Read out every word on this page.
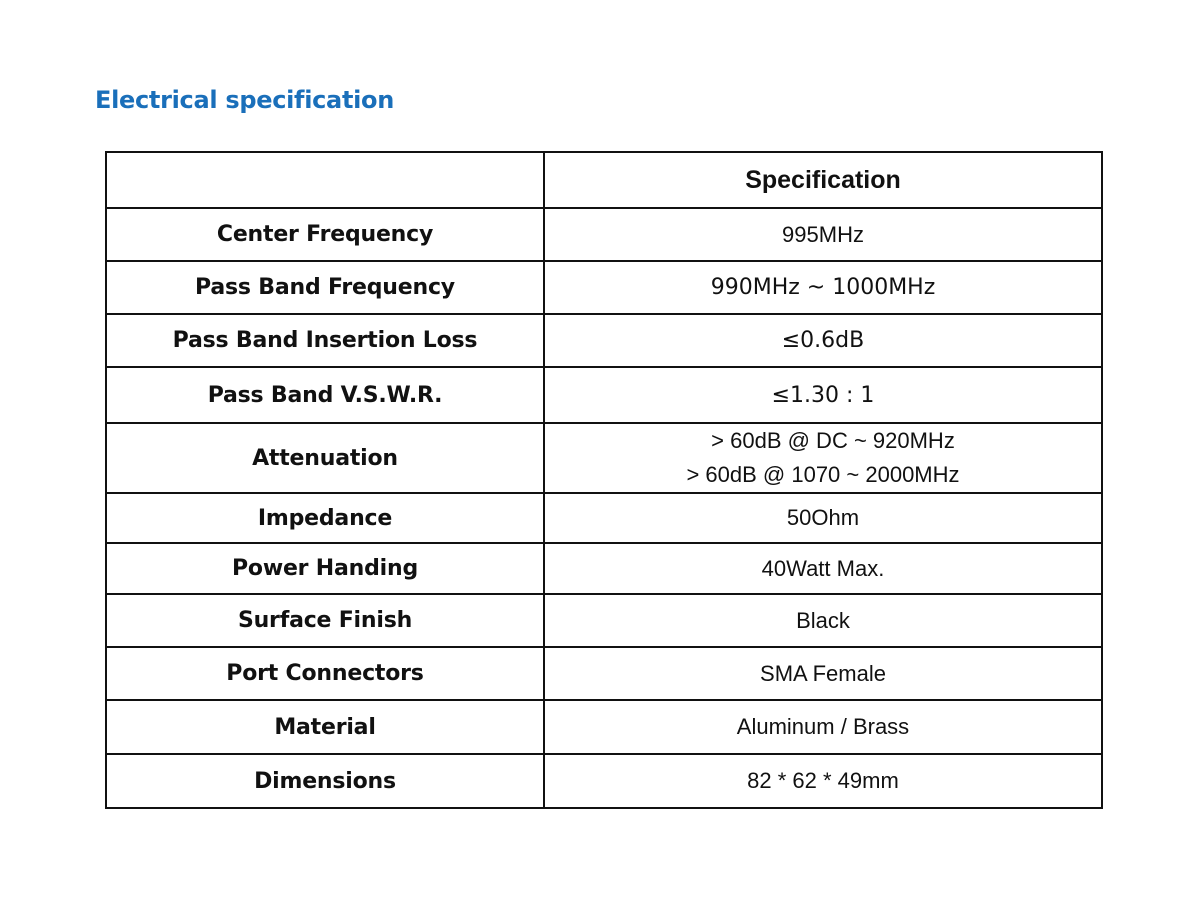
Electrical specification
	Specification
Center Frequency	995MHz
Pass Band Frequency	990MHz ~ 1000MHz
Pass Band Insertion Loss	≤0.6dB
Pass Band V.S.W.R.	≤1.30 : 1
Attenuation	> 60dB @ DC ~ 920MHz
> 60dB @ 1070 ~ 2000MHz

Impedance	50Ohm
Power Handing	40Watt Max.
Surface Finish	Black
Port Connectors	SMA Female
Material	Aluminum / Brass
Dimensions	82 * 62 * 49mm
